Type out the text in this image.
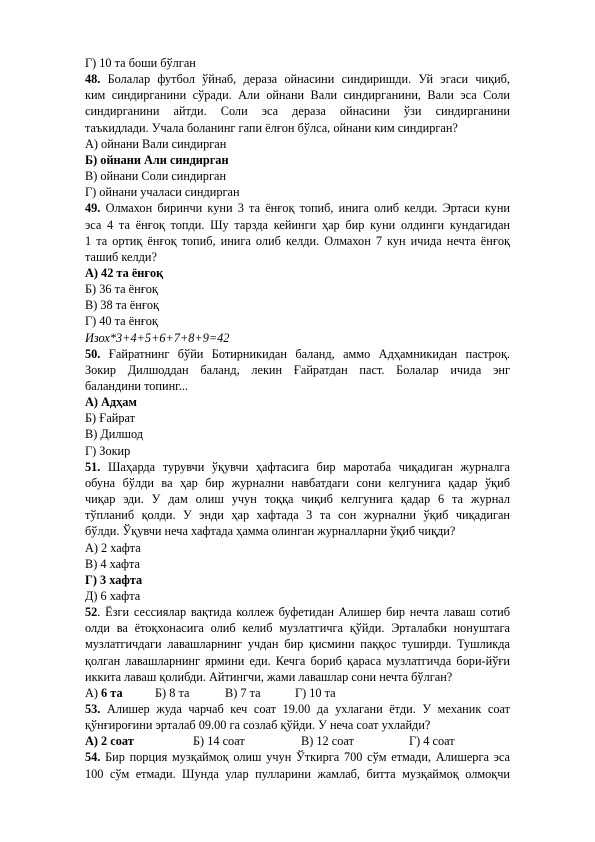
Г) 10 та боши бўлган
48. Болалар футбол ўйнаб, дераза ойнасини синдиришди. Уй эгаси чиқиб,
ким синдирганини сўради. Али ойнани Вали синдирганини, Вали эса Соли
синдирганини айтди. Соли эса дераза ойнасини ўзи синдирганини
таъкидлади. Учала боланинг гапи ёлғон бўлса, ойнани ким синдирган?
А) ойнани Вали синдирган
Б) ойнани Али синдирган
В) ойнани Соли синдирган
Г) ойнани учаласи синдирган
49. Олмахон биринчи куни 3 та ёнғоқ топиб, инига олиб келди. Эртаси куни
эса 4 та ёнғоқ топди. Шу тарзда кейинги ҳар бир куни олдинги кундагидан
1 та ортиқ ёнғоқ топиб, инига олиб келди. Олмахон 7 кун ичида нечта ёнғоқ
ташиб келди?
А) 42 та ёнғоқ
Б) 36 та ёнғоқ
В) 38 та ёнғоқ
Г) 40 та ёнғоқ
Изох*3+4+5+6+7+8+9=42
50. Ғайратнинг бўйи Ботирникидан баланд, аммо Адҳамникидан пастроқ.
Зокир Дилшоддан баланд, лекин Ғайратдан паст. Болалар ичида энг
баландини топинг...
А) Адҳам
Б) Ғайрат
В) Дилшод
Г) Зокир
51. Шаҳарда турувчи ўқувчи ҳафтасига бир маротаба чиқадиган журналга
обуна бўлди ва ҳар бир журнални навбатдаги сони келгунига қадар ўқиб
чиқар эди. У дам олиш учун тоққа чиқиб келгунига қадар 6 та журнал
тўпланиб қолди. У энди ҳар хафтада 3 та сон журнални ўқиб чиқадиган
бўлди. Ўқувчи неча хафтада ҳамма олинган журналларни ўқиб чиқди?
А) 2 хафта
В) 4 хафта
Г) 3 хафта
Д) 6 хафта
52. Ёзги сессиялар вақтида коллеж буфетидан Алишер бир нечта лаваш сотиб
олди ва ётоқхонасига олиб келиб музлатгичга қўйди. Эрталабки нонуштага
музлатгичдаги лавашларнинг учдан бир қисмини паққос туширди. Тушликда
қолган лавашларнинг ярмини еди. Кечга бориб қараса музлатгичда бори-йўғи
иккита лаваш қолибди. Айтингчи, жами лавашлар сони нечта бўлган?
А) 6 та	Б) 8 та	В) 7 та	Г) 10 та
53. Алишер жуда чарчаб кеч соат 19.00 да ухлагани ётди. У механик соат
қўнғироғини эрталаб 09.00 га созлаб қўйди. У неча соат ухлайди?
А) 2 соат	Б) 14 соат	В) 12 соат	Г) 4 соат
54. Бир порция музқаймоқ олиш учун Ўткирга 700 сўм етмади, Алишерга эса
100 сўм етмади. Шунда улар пулларини жамлаб, битта музқаймоқ олмоқчи
